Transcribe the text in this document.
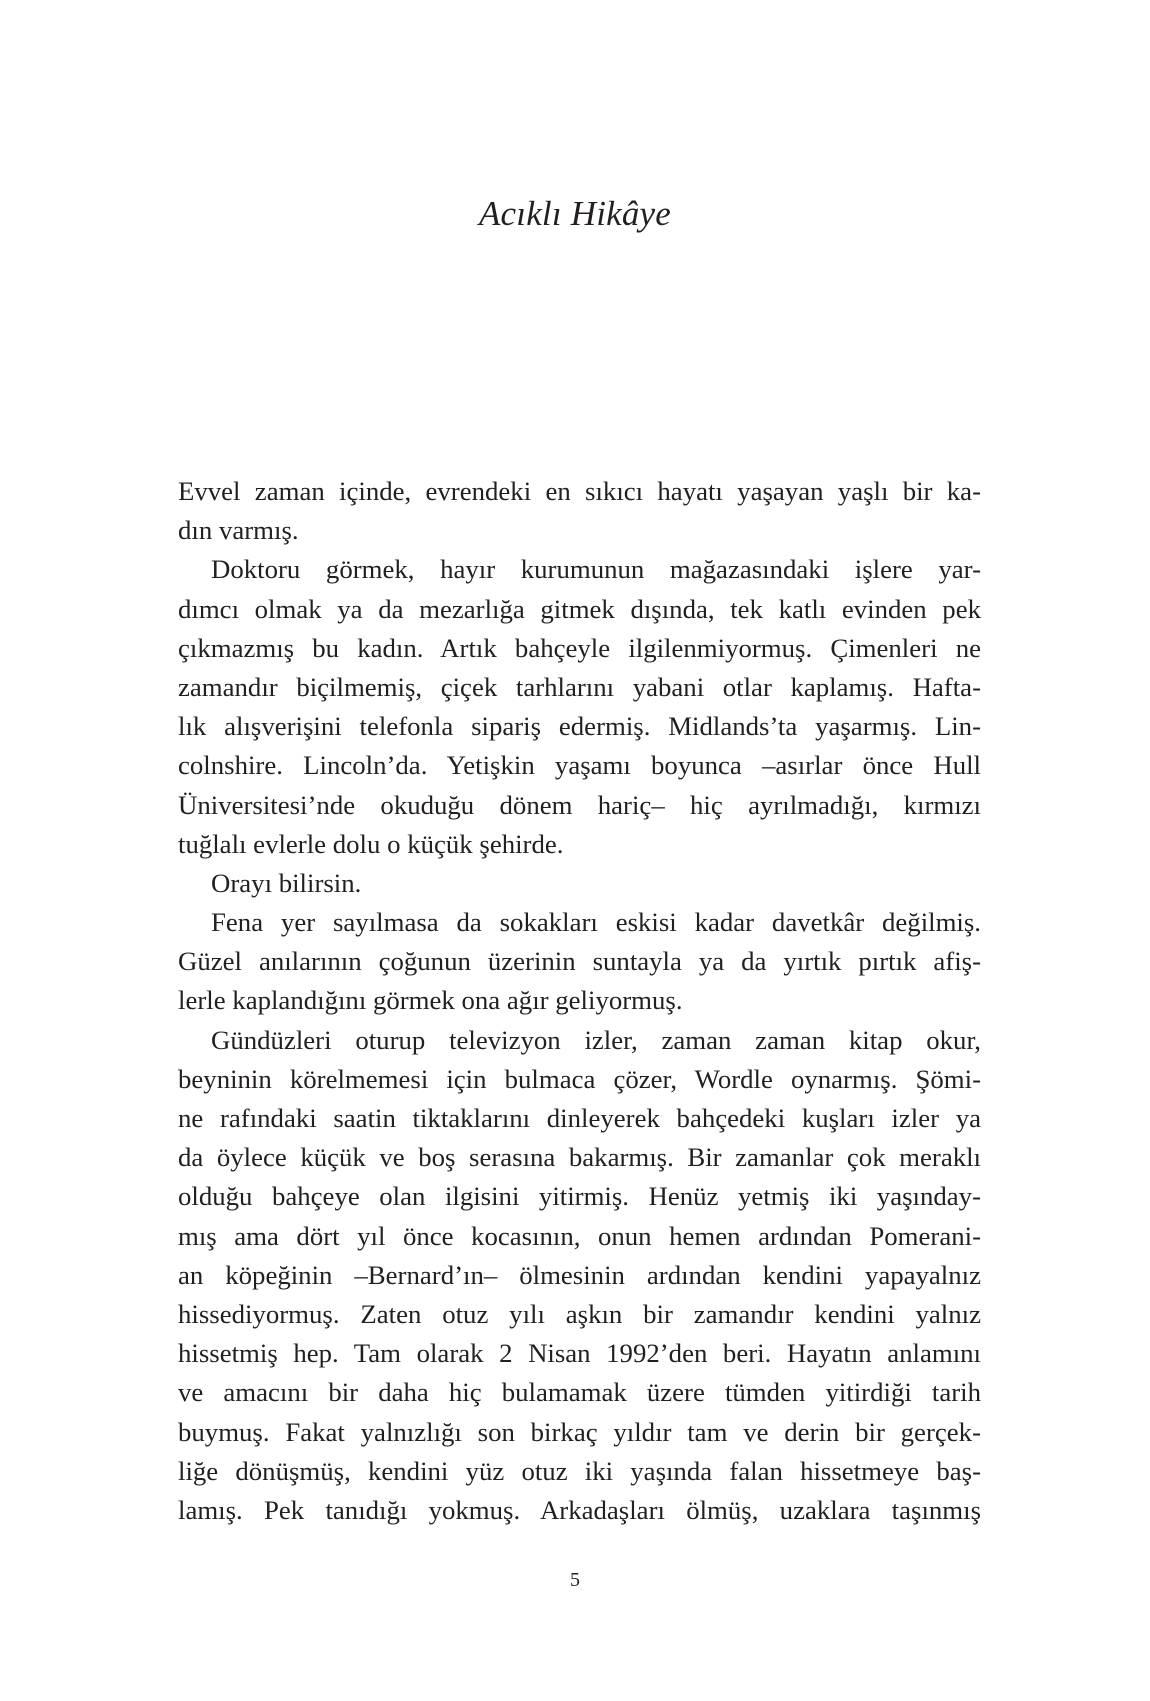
Acıklı Hikâye
Evvel zaman içinde, evrendeki en sıkıcı hayatı yaşayan yaşlı bir ka-
dın varmış.
Doktoru görmek, hayır kurumunun mağazasındaki işlere yar-
dımcı olmak ya da mezarlığa gitmek dışında, tek katlı evinden pek
çıkmazmış bu kadın. Artık bahçeyle ilgilenmiyormuş. Çimenleri ne
zamandır biçilmemiş, çiçek tarhlarını yabani otlar kaplamış. Hafta-
lık alışverişini telefonla sipariş edermiş. Midlands’ta yaşarmış. Lin-
colnshire. Lincoln’da. Yetişkin yaşamı boyunca –asırlar önce Hull
Üniversitesi’nde okuduğu dönem hariç– hiç ayrılmadığı, kırmızı
tuğlalı evlerle dolu o küçük şehirde.
Orayı bilirsin.
Fena yer sayılmasa da sokakları eskisi kadar davetkâr değilmiş.
Güzel anılarının çoğunun üzerinin suntayla ya da yırtık pırtık afiş-
lerle kaplandığını görmek ona ağır geliyormuş.
Gündüzleri oturup televizyon izler, zaman zaman kitap okur,
beyninin körelmemesi için bulmaca çözer, Wordle oynarmış. Şömi-
ne rafındaki saatin tiktaklarını dinleyerek bahçedeki kuşları izler ya
da öylece küçük ve boş serasına bakarmış. Bir zamanlar çok meraklı
olduğu bahçeye olan ilgisini yitirmiş. Henüz yetmiş iki yaşınday-
mış ama dört yıl önce kocasının, onun hemen ardından Pomerani-
an köpeğinin –Bernard’ın– ölmesinin ardından kendini yapayalnız
hissediyormuş. Zaten otuz yılı aşkın bir zamandır kendini yalnız
hissetmiş hep. Tam olarak 2 Nisan 1992’den beri. Hayatın anlamını
ve amacını bir daha hiç bulamamak üzere tümden yitirdiği tarih
buymuş. Fakat yalnızlığı son birkaç yıldır tam ve derin bir gerçek-
liğe dönüşmüş, kendini yüz otuz iki yaşında falan hissetmeye baş-
lamış. Pek tanıdığı yokmuş. Arkadaşları ölmüş, uzaklara taşınmış
5
